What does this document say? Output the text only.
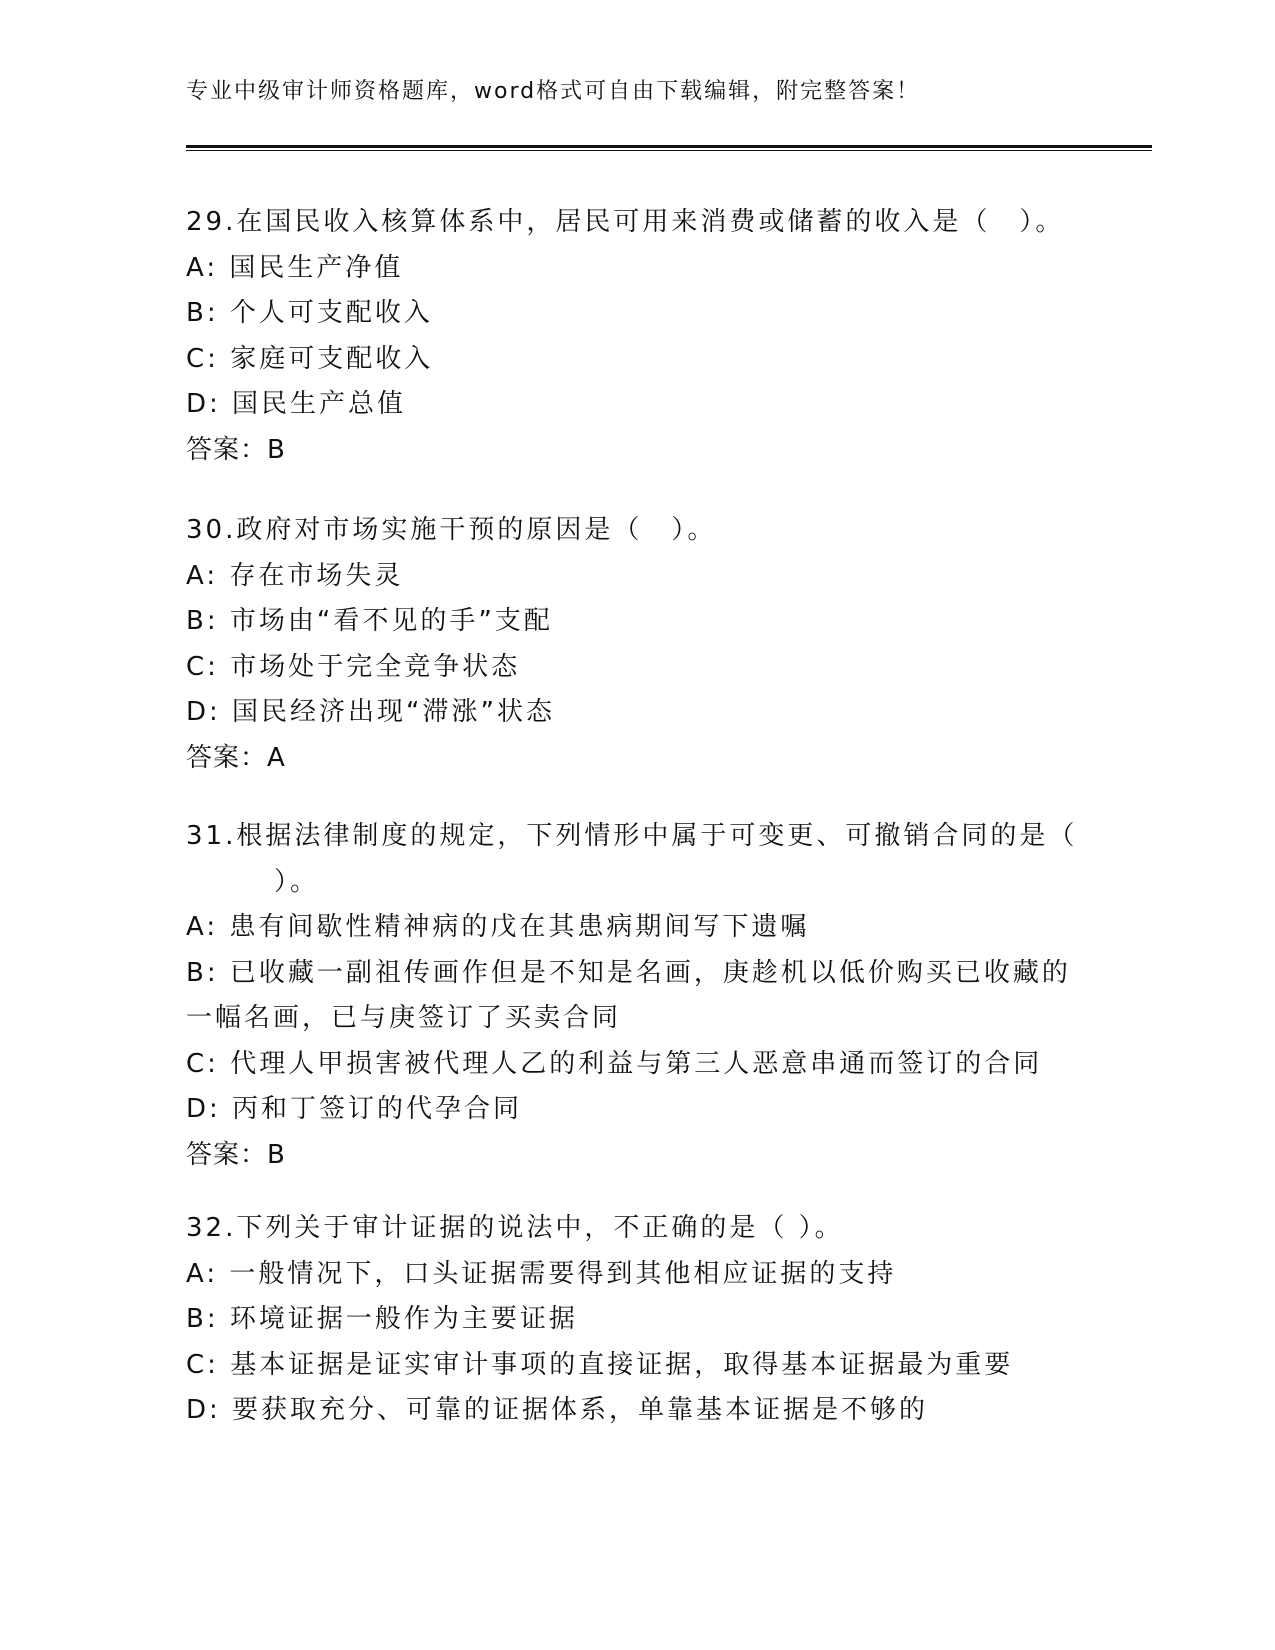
专业中级审计师资格题库，word格式可自由下载编辑，附完整答案！
29.在国民收入核算体系中，居民可用来消费或储蓄的收入是（　）。
A: 国民生产净值
B: 个人可支配收入
C: 家庭可支配收入
D: 国民生产总值
答案：B
30.政府对市场实施干预的原因是（　）。
A: 存在市场失灵
B: 市场由“看不见的手”支配
C: 市场处于完全竞争状态
D: 国民经济出现“滞涨”状态
答案：A
31.根据法律制度的规定，下列情形中属于可变更、可撤销合同的是（
）。
A: 患有间歇性精神病的戊在其患病期间写下遗嘱
B: 已收藏一副祖传画作但是不知是名画，庚趁机以低价购买已收藏的
一幅名画，已与庚签订了买卖合同
C: 代理人甲损害被代理人乙的利益与第三人恶意串通而签订的合同
D: 丙和丁签订的代孕合同
答案：B
32.下列关于审计证据的说法中，不正确的是（ ）。
A: 一般情况下，口头证据需要得到其他相应证据的支持
B: 环境证据一般作为主要证据
C: 基本证据是证实审计事项的直接证据，取得基本证据最为重要
D: 要获取充分、可靠的证据体系，单靠基本证据是不够的
